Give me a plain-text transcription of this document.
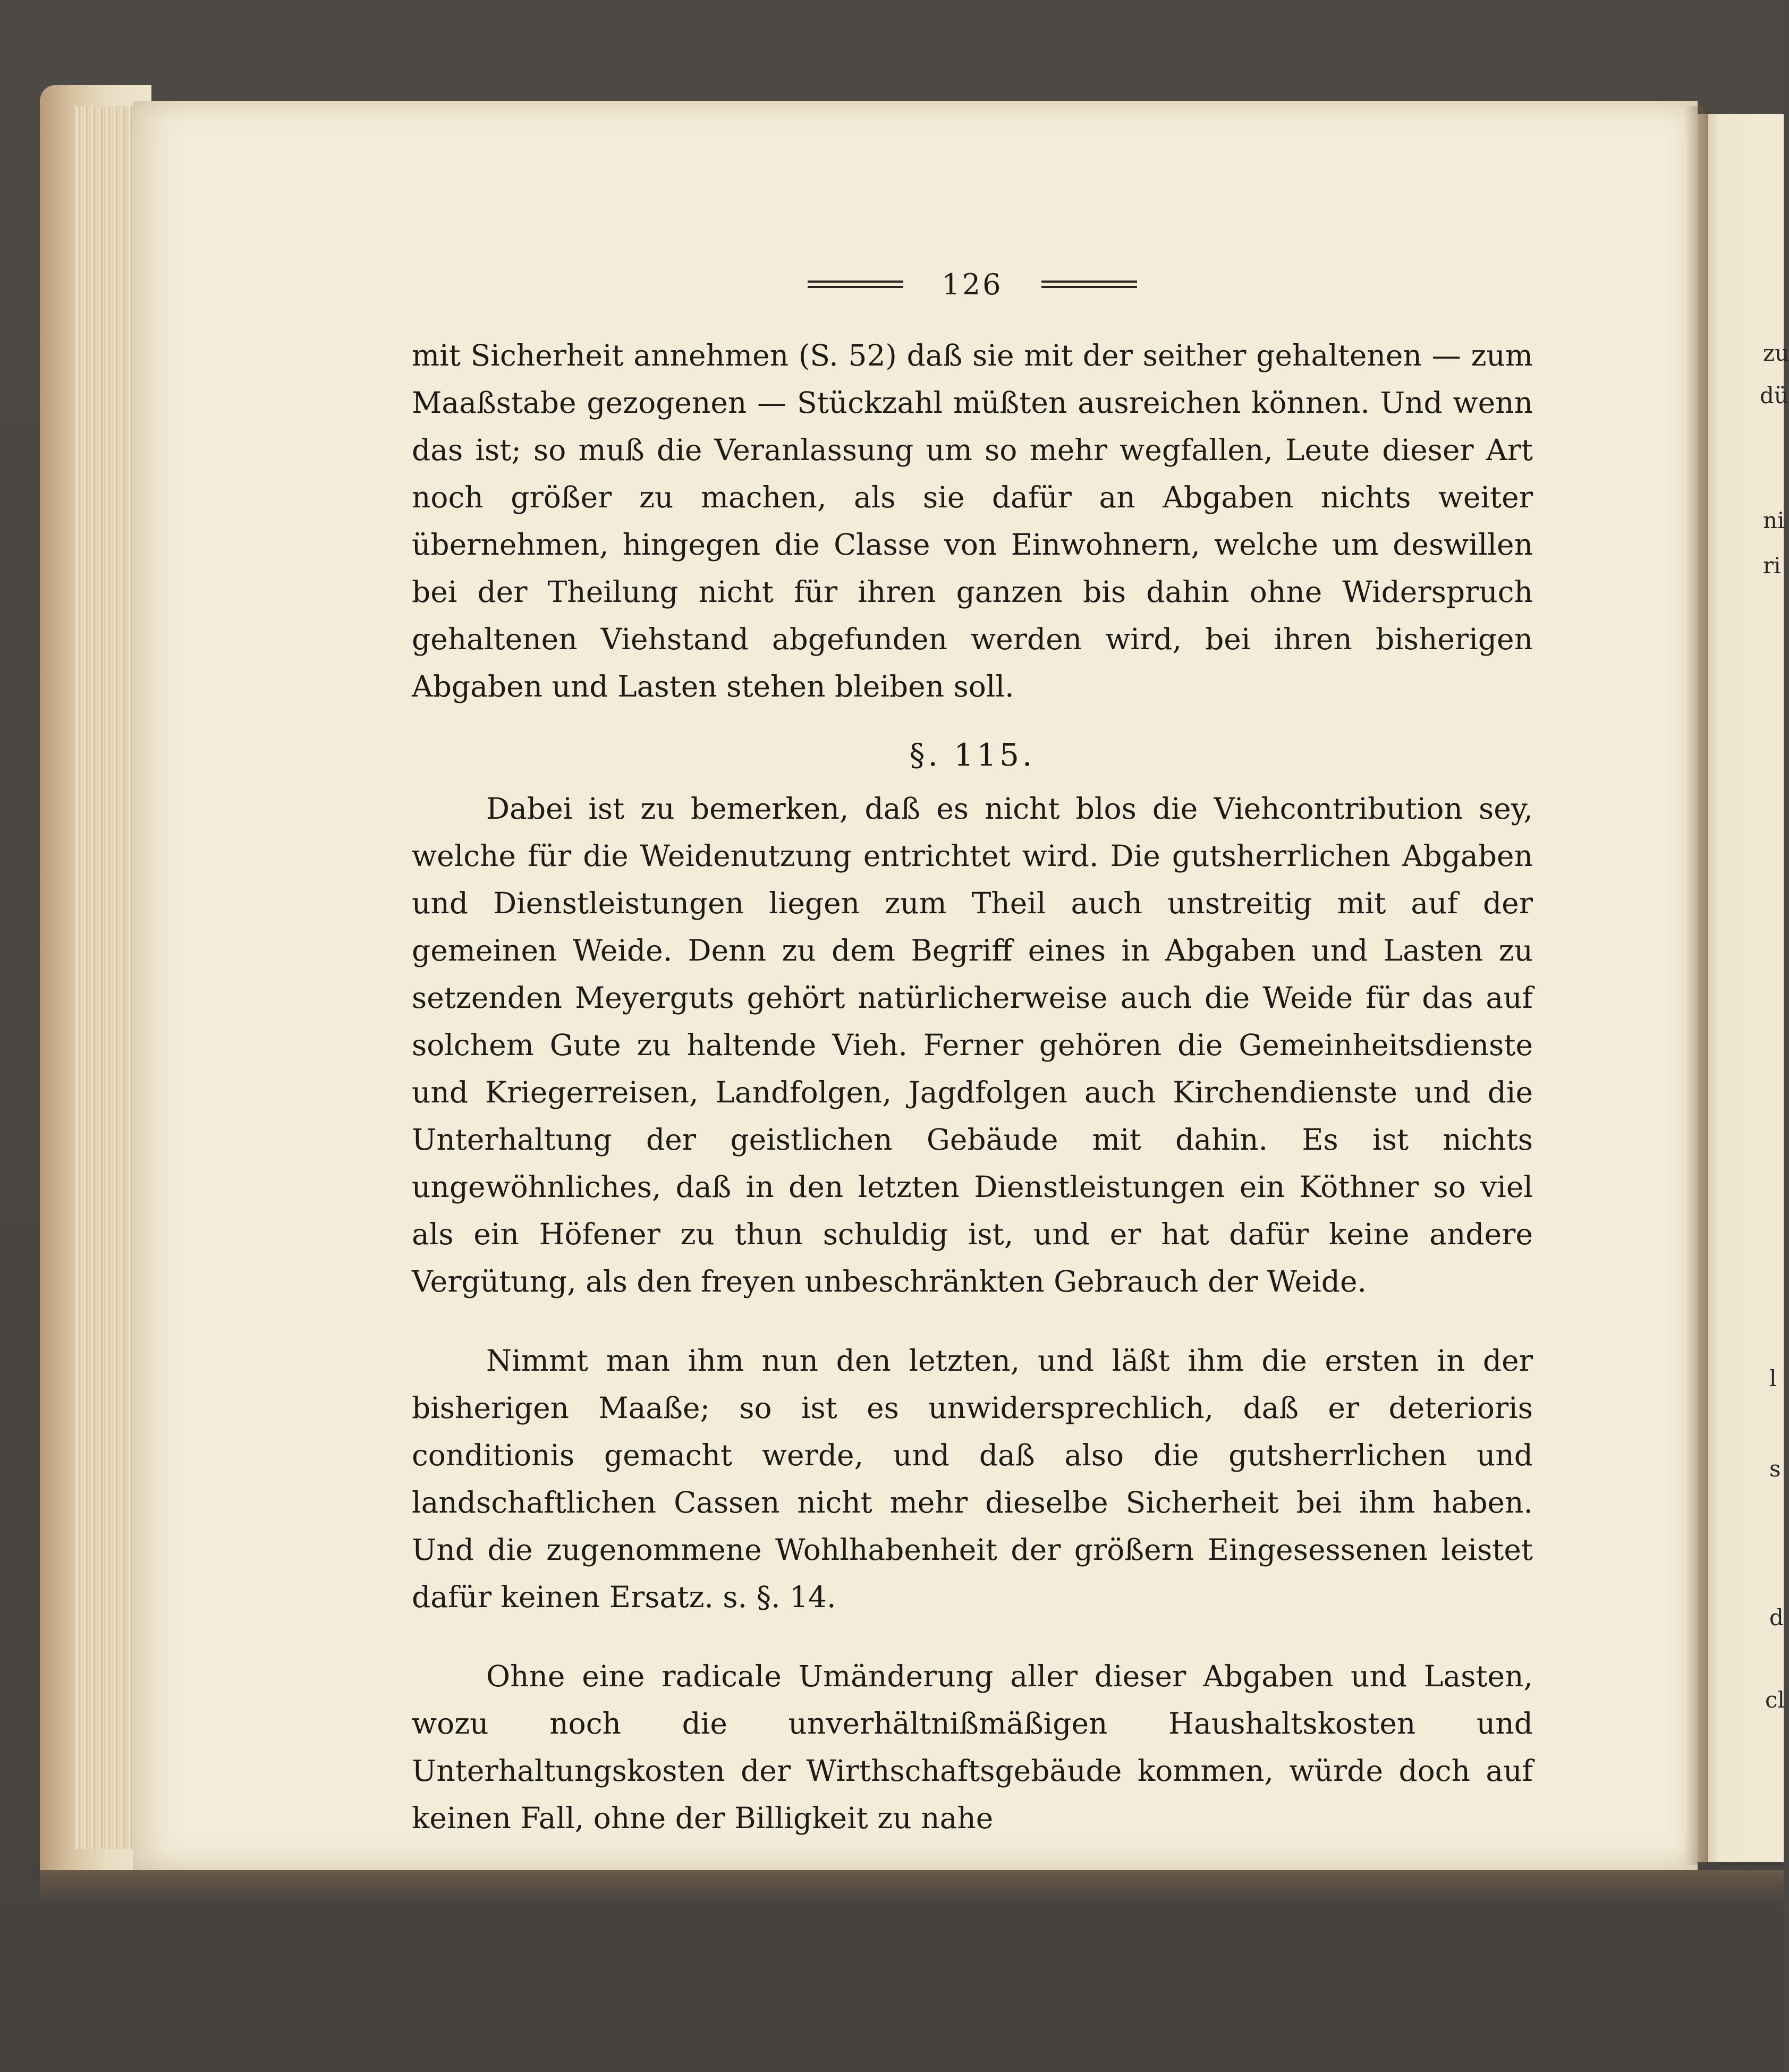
126

mit Sicherheit annehmen (S. 52) daß sie mit der seither gehaltenen — zum Maaßstabe gezogenen — Stückzahl müßten ausreichen können. Und wenn das ist; so muß die Veranlassung um so mehr wegfallen, Leute dieser Art noch größer zu machen, als sie dafür an Abgaben nichts weiter übernehmen, hingegen die Classe von Einwohnern, welche um deswillen bei der Theilung nicht für ihren ganzen bis dahin ohne Widerspruch gehaltenen Viehstand abgefunden werden wird, bei ihren bisherigen Abgaben und Lasten stehen bleiben soll.

§. 115.

Dabei ist zu bemerken, daß es nicht blos die Viehcontribution sey, welche für die Weidenutzung entrichtet wird. Die gutsherrlichen Abgaben und Dienstleistungen liegen zum Theil auch unstreitig mit auf der gemeinen Weide. Denn zu dem Begriff eines in Abgaben und Lasten zu setzenden Meyerguts gehört natürlicherweise auch die Weide für das auf solchem Gute zu haltende Vieh. Ferner gehören die Gemeinheitsdienste und Kriegerreisen, Landfolgen, Jagdfolgen auch Kirchendienste und die Unterhaltung der geistlichen Gebäude mit dahin. Es ist nichts ungewöhnliches, daß in den letzten Dienstleistungen ein Köthner so viel als ein Höfener zu thun schuldig ist, und er hat dafür keine andere Vergütung, als den freyen unbeschränkten Gebrauch der Weide.

Nimmt man ihm nun den letzten, und läßt ihm die ersten in der bisherigen Maaße; so ist es unwidersprechlich, daß er deterioris conditionis gemacht werde, und daß also die gutsherrlichen und landschaftlichen Cassen nicht mehr dieselbe Sicherheit bei ihm haben. Und die zugenommene Wohlhabenheit der größern Eingesessenen leistet dafür keinen Ersatz. s. §. 14.

Ohne eine radicale Umänderung aller dieser Abgaben und Lasten, wozu noch die unverhältnißmäßigen Haushaltskosten und Unterhaltungskosten der Wirthschaftsgebäude kommen, würde doch auf keinen Fall, ohne der Billigkeit zu nahe

zu
dü
ni
ri
l
s
d
cl
